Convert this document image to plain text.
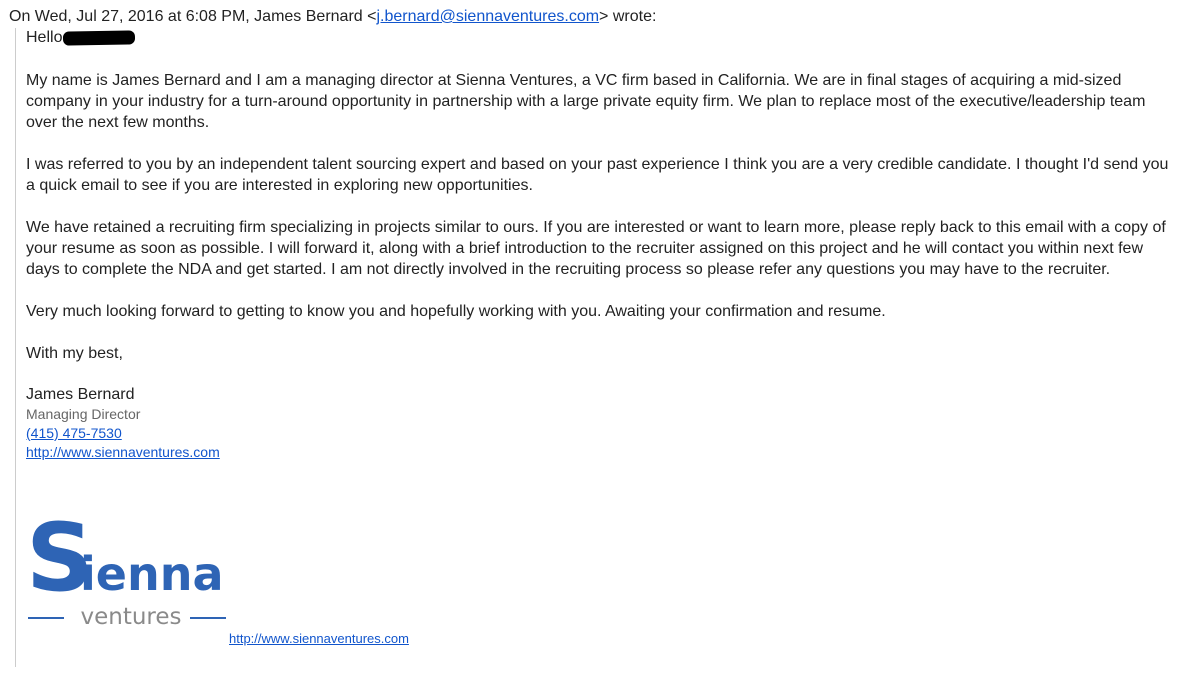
On Wed, Jul 27, 2016 at 6:08 PM, James Bernard <j.bernard@siennaventures.com> wrote:
Hello

My name is James Bernard and I am a managing director at Sienna Ventures, a VC firm based in California. We are in final stages of acquiring a mid-sized company in your industry for a turn-around opportunity in partnership with a large private equity firm. We plan to replace most of the executive/leadership team over the next few months.

I was referred to you by an independent talent sourcing expert and based on your past experience I think you are a very credible candidate. I thought I'd send you a quick email to see if you are interested in exploring new opportunities.

We have retained a recruiting firm specializing in projects similar to ours. If you are interested or want to learn more, please reply back to this email with a copy of your resume as soon as possible. I will forward it, along with a brief introduction to the recruiter assigned on this project and he will contact you within next few days to complete the NDA and get started. I am not directly involved in the recruiting process so please refer any questions you may have to the recruiter.

Very much looking forward to getting to know you and hopefully working with you. Awaiting your confirmation and resume.

With my best,

James Bernard

Managing Director

(415) 475-7530

http://www.siennaventures.com

S
ienna
ventures
http://www.siennaventures.com
